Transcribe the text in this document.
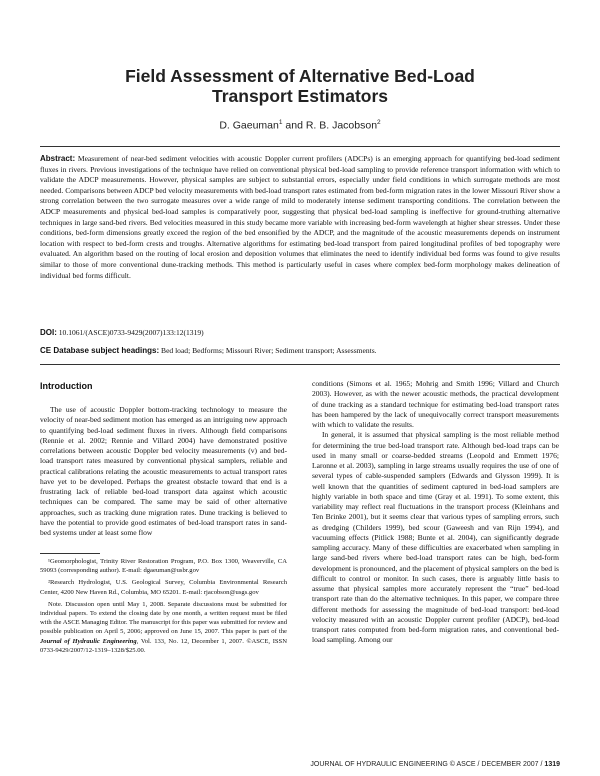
Field Assessment of Alternative Bed-Load
Transport Estimators
D. Gaeuman$^1$ and R. B. Jacobson$^2$
Abstract: Measurement of near-bed sediment velocities with acoustic Doppler current profilers (ADCPs) is an emerging approach for quantifying bed-load sediment fluxes in rivers. Previous investigations of the technique have relied on conventional physical bed-load sampling to provide reference transport information with which to validate the ADCP measurements. However, physical samples are subject to substantial errors, especially under field conditions in which surrogate methods are most needed. Comparisons between ADCP bed velocity measurements with bed-load transport rates estimated from bed-form migration rates in the lower Missouri River show a strong correlation between the two surrogate measures over a wide range of mild to moderately intense sediment transporting conditions. The correlation between the ADCP measurements and physical bed-load samples is comparatively poor, suggesting that physical bed-load sampling is ineffective for ground-truthing alternative techniques in large sand-bed rivers. Bed velocities measured in this study became more variable with increasing bed-form wavelength at higher shear stresses. Under these conditions, bed-form dimensions greatly exceed the region of the bed ensonified by the ADCP, and the magnitude of the acoustic measurements depends on instrument location with respect to bed-form crests and troughs. Alternative algorithms for estimating bed-load transport from paired longitudinal profiles of bed topography were evaluated. An algorithm based on the routing of local erosion and deposition volumes that eliminates the need to identify individual bed forms was found to give results similar to those of more conventional dune-tracking methods. This method is particularly useful in cases where complex bed-form morphology makes delineation of individual bed forms difficult.
DOI: 10.1061/(ASCE)0733-9429(2007)133:12(1319)
CE Database subject headings: Bed load; Bedforms; Missouri River; Sediment transport; Assessments.
Introduction

The use of acoustic Doppler bottom-tracking technology to measure the velocity of near-bed sediment motion has emerged as an intriguing new approach to quantifying bed-load sediment fluxes in rivers. Although field comparisons (Rennie et al. 2002; Rennie and Villard 2004) have demonstrated positive correlations between acoustic Doppler bed velocity measurements (v) and bed-load transport rates measured by conventional physical samplers, reliable and practical calibrations relating the acoustic measurements to actual transport rates have yet to be developed. Perhaps the greatest obstacle toward that end is a frustrating lack of reliable bed-load transport data against which acoustic techniques can be compared. The same may be said of other alternative approaches, such as tracking dune migration rates. Dune tracking is believed to have the potential to provide good estimates of bed-load transport rates in sand-bed systems under at least some flow

¹Geomorphologist, Trinity River Restoration Program, P.O. Box 1300, Weaverville, CA 59093 (corresponding author). E-mail: dgaeuman@usbr.gov

²Research Hydrologist, U.S. Geological Survey, Columbia Environmental Research Center, 4200 New Haven Rd., Columbia, MO 65201. E-mail: rjacobson@usgs.gov

Note. Discussion open until May 1, 2008. Separate discussions must be submitted for individual papers. To extend the closing date by one month, a written request must be filed with the ASCE Managing Editor. The manuscript for this paper was submitted for review and possible publication on April 5, 2006; approved on June 15, 2007. This paper is part of the Journal of Hydraulic Engineering, Vol. 133, No. 12, December 1, 2007. ©ASCE, ISSN 0733-9429/2007/12-1319–1328/$25.00.

conditions (Simons et al. 1965; Mohrig and Smith 1996; Villard and Church 2003). However, as with the newer acoustic methods, the practical development of dune tracking as a standard technique for estimating bed-load transport rates has been hampered by the lack of unequivocally correct transport measurements with which to validate the results.

In general, it is assumed that physical sampling is the most reliable method for determining the true bed-load transport rate. Although bed-load traps can be used in many small or coarse-bedded streams (Leopold and Emmett 1976; Laronne et al. 2003), sampling in large streams usually requires the use of one of several types of cable-suspended samplers (Edwards and Glysson 1999). It is well known that the quantities of sediment captured in bed-load samplers are highly variable in both space and time (Gray et al. 1991). To some extent, this variability may reflect real fluctuations in the transport process (Kleinhans and Ten Brinke 2001), but it seems clear that various types of sampling errors, such as dredging (Childers 1999), bed scour (Gaweesh and van Rijn 1994), and vacuuming effects (Pitlick 1988; Bunte et al. 2004), can significantly degrade sampling accuracy. Many of these difficulties are exacerbated when sampling in large sand-bed rivers where bed-load transport rates can be high, bed-form development is pronounced, and the placement of physical samplers on the bed is difficult to control or monitor. In such cases, there is arguably little basis to assume that physical samples more accurately represent the “true” bed-load transport rate than do the alternative techniques. In this paper, we compare three different methods for assessing the magnitude of bed-load transport: bed-load velocity measured with an acoustic Doppler current profiler (ADCP), bed-load transport rates computed from bed-form migration rates, and conventional bed-load sampling. Among our

JOURNAL OF HYDRAULIC ENGINEERING © ASCE / DECEMBER 2007 / 1319
